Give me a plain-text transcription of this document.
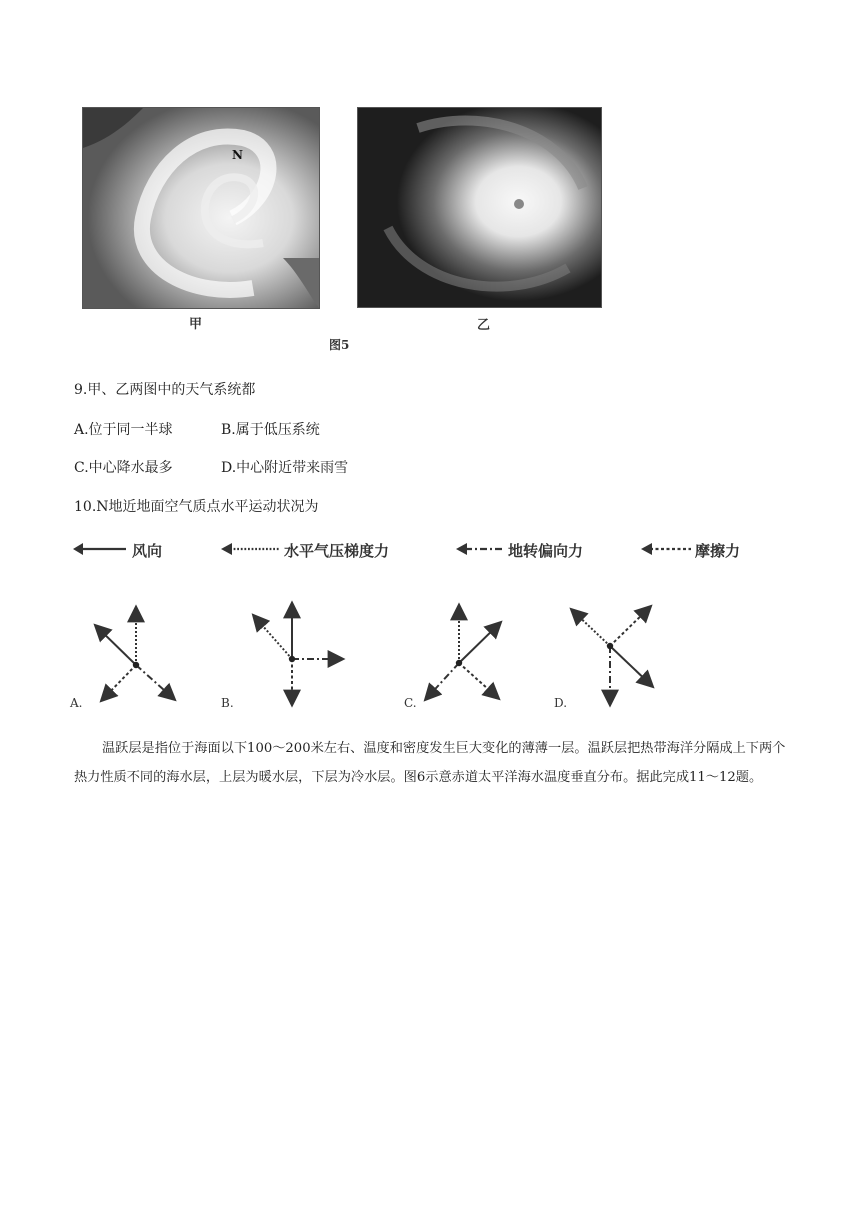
N
甲	乙
图5
9.甲、乙两图中的天气系统都
A.位于同一半球	B.属于低压系统
C.中心降水最多	D.中心附近带来雨雪
10.N地近地面空气质点水平运动状况为
风向	水平气压梯度力	地转偏向力	摩擦力
A.	B.	C.	D.

温跃层是指位于海面以下100～200米左右、温度和密度发生巨大变化的薄薄一层。温跃层把热带海洋分隔成上下两个热力性质不同的海水层，上层为暖水层，下层为冷水层。图6示意赤道太平洋海水温度垂直分布。据此完成11～12题。
